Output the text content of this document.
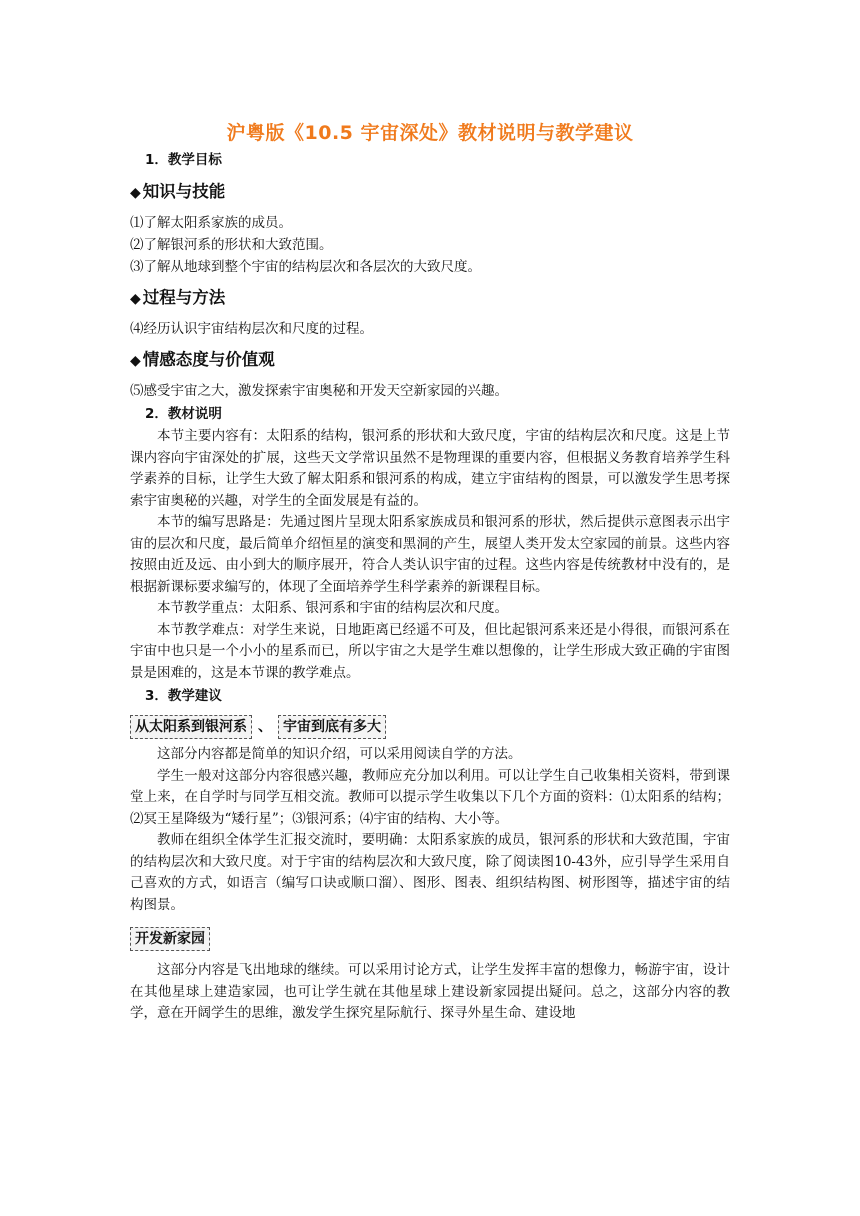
沪粤版《10.5 宇宙深处》教材说明与教学建议
1．教学目标
◆ 知识与技能
⑴了解太阳系家族的成员。
⑵了解银河系的形状和大致范围。
⑶了解从地球到整个宇宙的结构层次和各层次的大致尺度。
◆ 过程与方法
⑷经历认识宇宙结构层次和尺度的过程。
◆ 情感态度与价值观
⑸感受宇宙之大，激发探索宇宙奥秘和开发天空新家园的兴趣。
2．教材说明

本节主要内容有：太阳系的结构，银河系的形状和大致尺度，宇宙的结构层次和尺度。这是上节课内容向宇宙深处的扩展，这些天文学常识虽然不是物理课的重要内容，但根据义务教育培养学生科学素养的目标，让学生大致了解太阳系和银河系的构成，建立宇宙结构的图景，可以激发学生思考探索宇宙奥秘的兴趣，对学生的全面发展是有益的。

本节的编写思路是：先通过图片呈现太阳系家族成员和银河系的形状，然后提供示意图表示出宇宙的层次和尺度，最后简单介绍恒星的演变和黑洞的产生，展望人类开发太空家园的前景。这些内容按照由近及远、由小到大的顺序展开，符合人类认识宇宙的过程。这些内容是传统教材中没有的，是根据新课标要求编写的，体现了全面培养学生科学素养的新课程目标。

本节教学重点：太阳系、银河系和宇宙的结构层次和尺度。

本节教学难点：对学生来说，日地距离已经遥不可及，但比起银河系来还是小得很，而银河系在宇宙中也只是一个小小的星系而已，所以宇宙之大是学生难以想像的，让学生形成大致正确的宇宙图景是困难的，这是本节课的教学难点。

3．教学建议
从太阳系到银河系 、 宇宙到底有多大

这部分内容都是简单的知识介绍，可以采用阅读自学的方法。

学生一般对这部分内容很感兴趣，教师应充分加以利用。可以让学生自己收集相关资料，带到课堂上来，在自学时与同学互相交流。教师可以提示学生收集以下几个方面的资料：⑴太阳系的结构；⑵冥王星降级为“矮行星”；⑶银河系；⑷宇宙的结构、大小等。

教师在组织全体学生汇报交流时，要明确：太阳系家族的成员，银河系的形状和大致范围，宇宙的结构层次和大致尺度。对于宇宙的结构层次和大致尺度，除了阅读图10-43外，应引导学生采用自己喜欢的方式，如语言（编写口诀或顺口溜）、图形、图表、组织结构图、树形图等，描述宇宙的结构图景。

开发新家园

这部分内容是飞出地球的继续。可以采用讨论方式，让学生发挥丰富的想像力，畅游宇宙，设计在其他星球上建造家园，也可让学生就在其他星球上建设新家园提出疑问。总之，这部分内容的教学，意在开阔学生的思维，激发学生探究星际航行、探寻外星生命、建设地
